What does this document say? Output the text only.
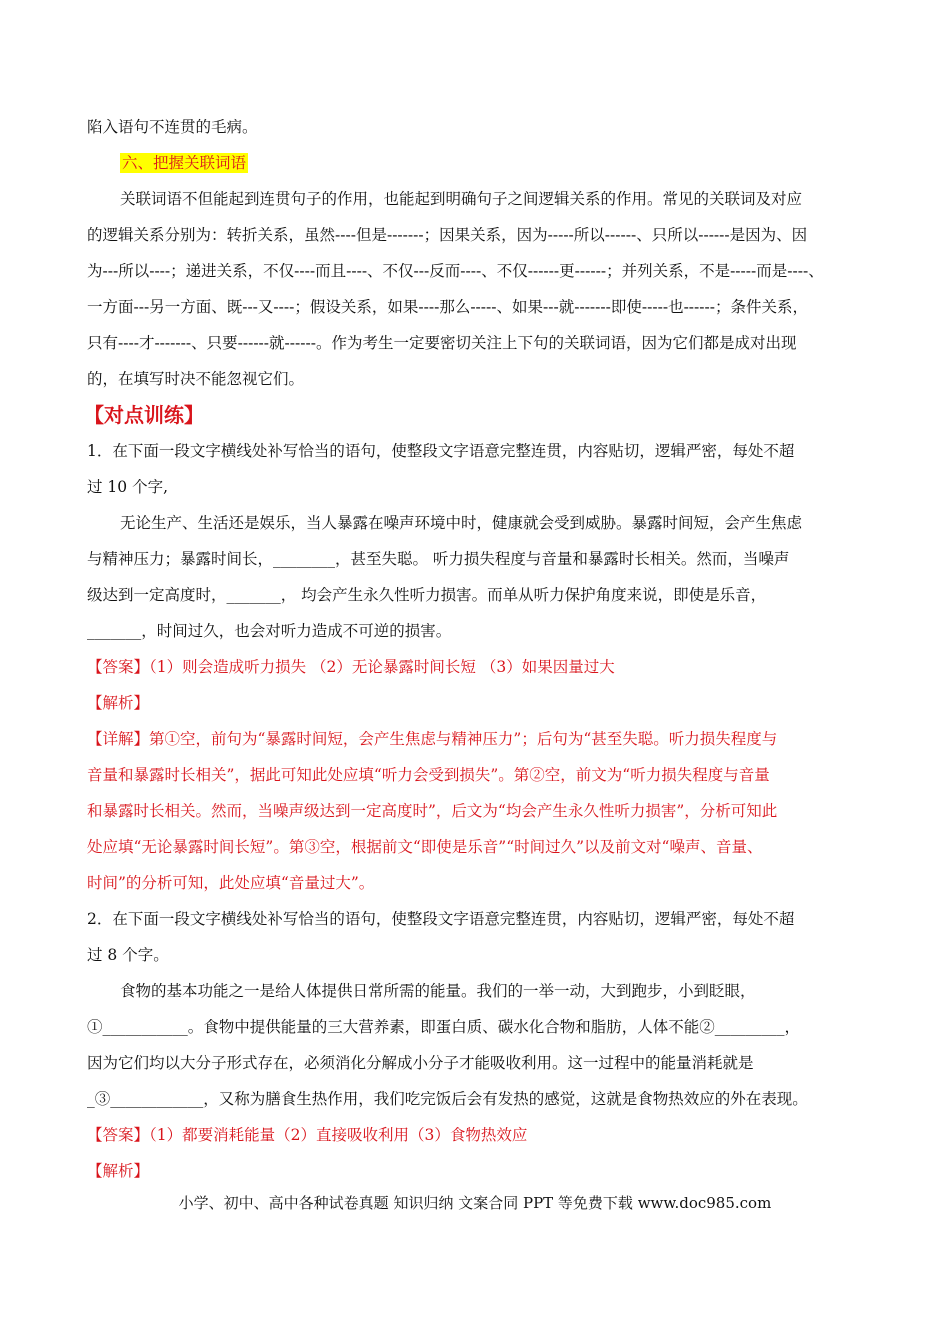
陷入语句不连贯的毛病。
六、把握关联词语
关联词语不但能起到连贯句子的作用，也能起到明确句子之间逻辑关系的作用。常见的关联词及对应
的逻辑关系分别为：转折关系，虽然----但是-------；因果关系，因为-----所以------、只所以------是因为、因
为---所以----；递进关系，不仅----而且----、不仅---反而----、不仅------更------；并列关系，不是-----而是----、
一方面---另一方面、既---又----；假设关系，如果----那么-----、如果---就-------即使-----也------；条件关系，
只有----才-------、只要------就------。作为考生一定要密切关注上下句的关联词语，因为它们都是成对出现
的，在填写时决不能忽视它们。
【对点训练】
1．在下面一段文字横线处补写恰当的语句，使整段文字语意完整连贯，内容贴切，逻辑严密，每处不超
过 10 个字,
无论生产、生活还是娱乐，当人暴露在噪声环境中时，健康就会受到威胁。暴露时间短，会产生焦虑
与精神压力；暴露时间长，________，甚至失聪。 听力损失程度与音量和暴露时长相关。然而，当噪声
级达到一定高度时，_______， 均会产生永久性听力损害。而单从听力保护角度来说，即使是乐音，
_______，时间过久，也会对听力造成不可逆的损害。
【答案】（1）则会造成听力损失 （2）无论暴露时间长短 （3）如果因量过大
【解析】
【详解】第①空，前句为“暴露时间短，会产生焦虑与精神压力”；后句为“甚至失聪。听力损失程度与
音量和暴露时长相关”，据此可知此处应填“听力会受到损失”。第②空，前文为“听力损失程度与音量
和暴露时长相关。然而，当噪声级达到一定高度时”，后文为“均会产生永久性听力损害”，分析可知此
处应填“无论暴露时间长短”。第③空，根据前文“即使是乐音”“时间过久”以及前文对“噪声、音量、
时间”的分析可知，此处应填“音量过大”。
2．在下面一段文字横线处补写恰当的语句，使整段文字语意完整连贯，内容贴切，逻辑严密，每处不超
过 8 个字。
食物的基本功能之一是给人体提供日常所需的能量。我们的一举一动，大到跑步，小到眨眼，
①___________。食物中提供能量的三大营养素，即蛋白质、碳水化合物和脂肪，人体不能②_________，
因为它们均以大分子形式存在，必须消化分解成小分子才能吸收利用。这一过程中的能量消耗就是
_③____________，又称为膳食生热作用，我们吃完饭后会有发热的感觉，这就是食物热效应的外在表现。
【答案】（1）都要消耗能量（2）直接吸收利用（3）食物热效应
【解析】
小学、初中、高中各种试卷真题 知识归纳 文案合同 PPT 等免费下载 www.doc985.com
